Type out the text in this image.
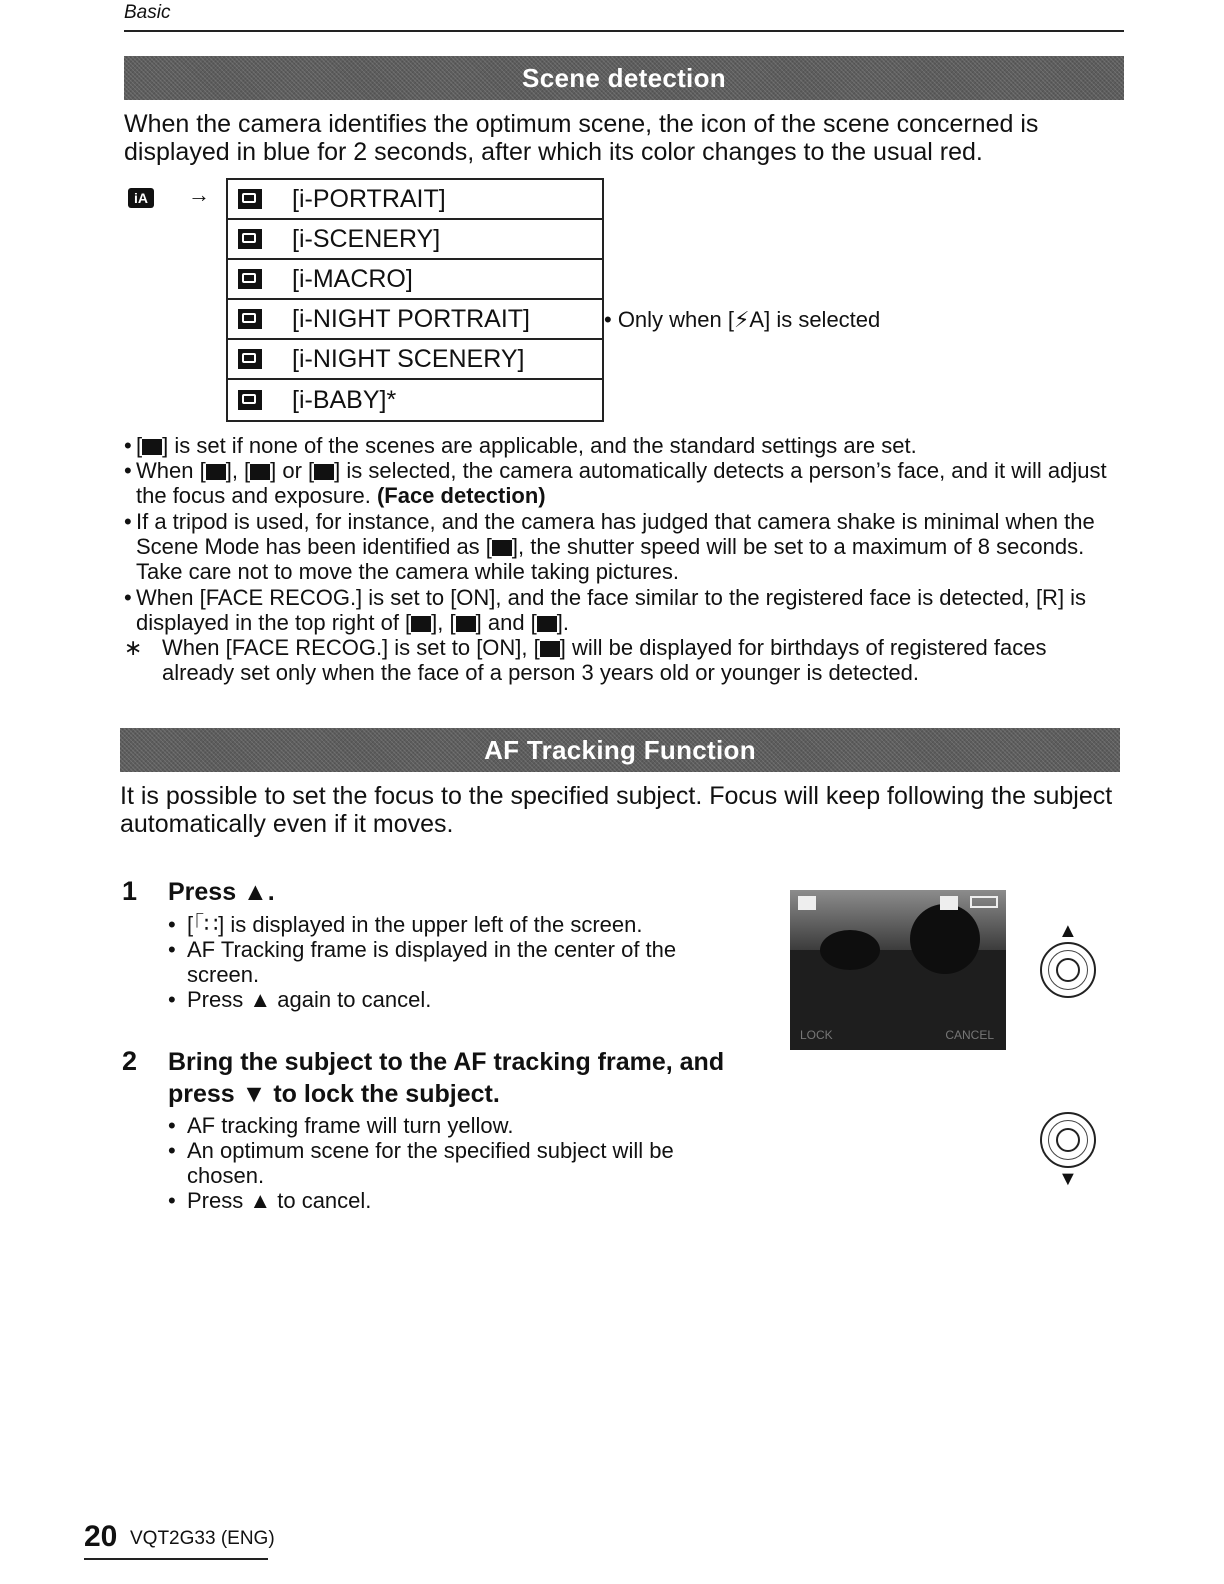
Basic
Scene detection
When the camera identifies the optimum scene, the icon of the scene concerned is displayed in blue for 2 seconds, after which its color changes to the usual red.
iA →	[i-PORTRAIT]
[i-SCENERY]
[i-MACRO]
[i-NIGHT PORTRAIT]
[i-NIGHT SCENERY]
[i-BABY]*
• Only when [⚡A] is selected
• [ ] is set if none of the scenes are applicable, and the standard settings are set.
• When [ ], [ ] or [ ] is selected, the camera automatically detects a person’s face, and it will adjust the focus and exposure. (Face detection)
• If a tripod is used, for instance, and the camera has judged that camera shake is minimal when the Scene Mode has been identified as [ ], the shutter speed will be set to a maximum of 8 seconds. Take care not to move the camera while taking pictures.
• When [FACE RECOG.] is set to [ON], and the face similar to the registered face is detected, [R] is displayed in the top right of [ ], [ ] and [ ].
∗ When [FACE RECOG.] is set to [ON], [ ] will be displayed for birthdays of registered faces already set only when the face of a person 3 years old or younger is detected.
AF Tracking Function
It is possible to set the focus to the specified subject. Focus will keep following the subject automatically even if it moves.
1 Press ▲.
• [「∷] is displayed in the upper left of the screen.
• AF Tracking frame is displayed in the center of the screen.
• Press ▲ again to cancel.
2 Bring the subject to the AF tracking frame, and press ▼ to lock the subject.
• AF tracking frame will turn yellow.
• An optimum scene for the specified subject will be chosen.
• Press ▲ to cancel.
LOCK	CANCEL
▲
▼
20 VQT2G33 (ENG)
